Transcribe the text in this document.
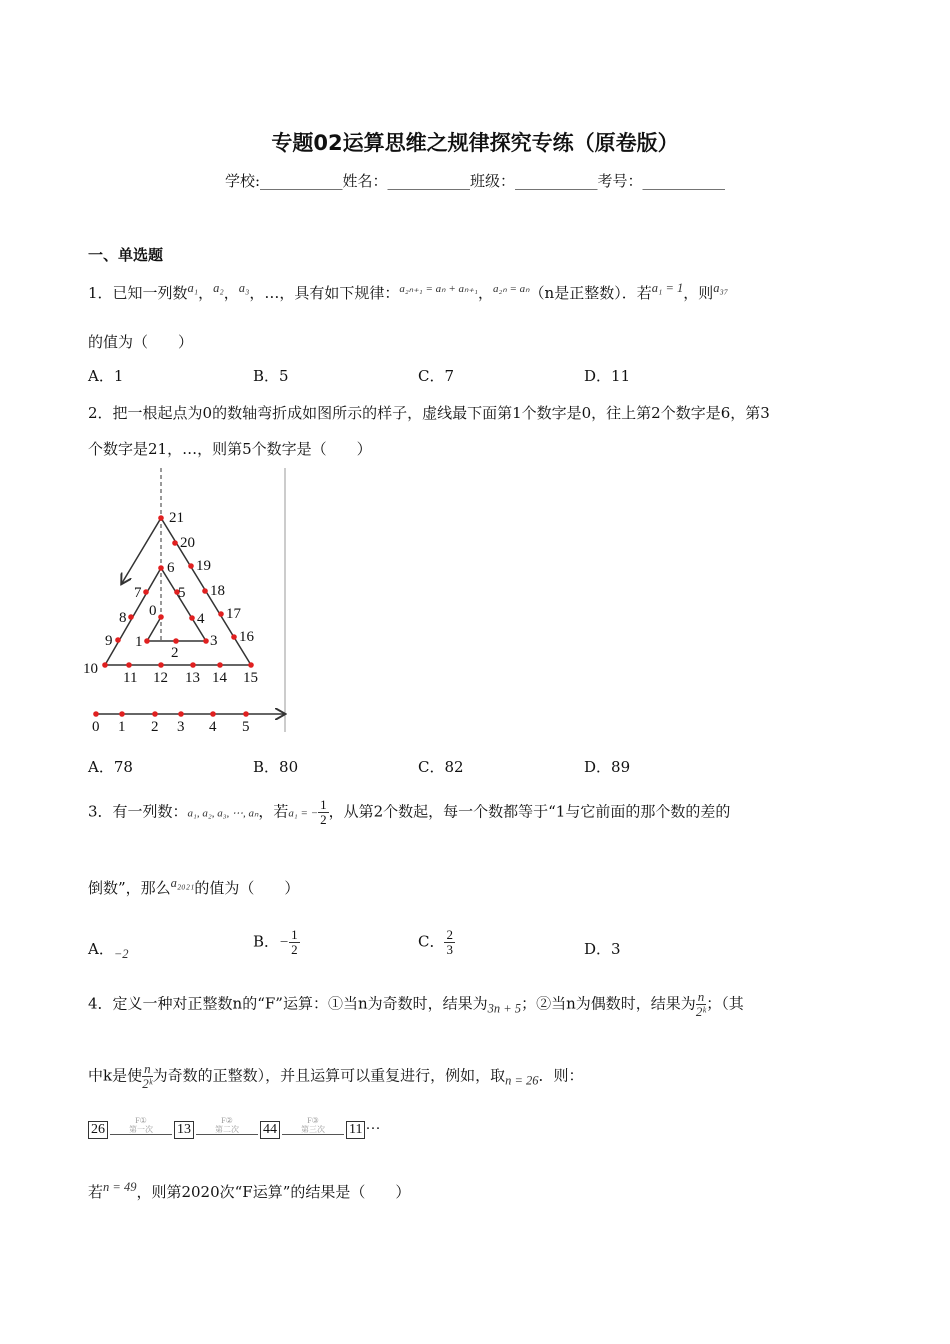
专题02运算思维之规律探究专练（原卷版）
学校:___________姓名：___________班级：___________考号：___________
一、单选题
1．已知一列数$^{a_1}$，$^{a_2}$，$^{a_3}$，…，具有如下规律：$^{a_{2n+1} = a_n + a_{n+1}}$，$^{a_{2n} = a_n}$（n是正整数）．若$^{a_1 = 1}$，则$^{a_{37}}$
的值为（　　）
A．1	B．5	C．7	D．11
2．把一根起点为0的数轴弯折成如图所示的样子，虚线最下面第1个数字是0，往上第2个数字是6，第3
个数字是21，…，则第5个数字是（　　）
21
20
19
18
17
16
6
5
4
3
2
1
0
7
8
9
10
11 12 13 14 15
0 1 2 3 4 5
A．78	B．80	C．82	D．89
3．有一列数：a₁, a₂, a₃, ⋯, aₙ，若a₁ = − $\frac{1}{2}$ ，从第2个数起，每一个数都等于“1与它前面的那个数的差的
倒数”，那么$^{a_{2021}}$的值为（　　）
A．$_{-2}$
B．− $\frac{1}{2}$	C． $\frac{2}{3}$	D．3
4．定义一种对正整数n的“F”运算：①当n为奇数时，结果为$_{3n + 5}$；②当n为偶数时，结果为 $\frac{n}{\text{2ᵏ}}$ ；（其
中k是使 $\frac{n}{\text{2ᵏ}}$ 为奇数的正整数），并且运算可以重复进行，例如，取$_{n = 26}$．则：
26F①
第一次 13F②
第二次 44F③
第三次 11 ···
若$^{n = 49}$，则第2020次“F运算”的结果是（　　）
